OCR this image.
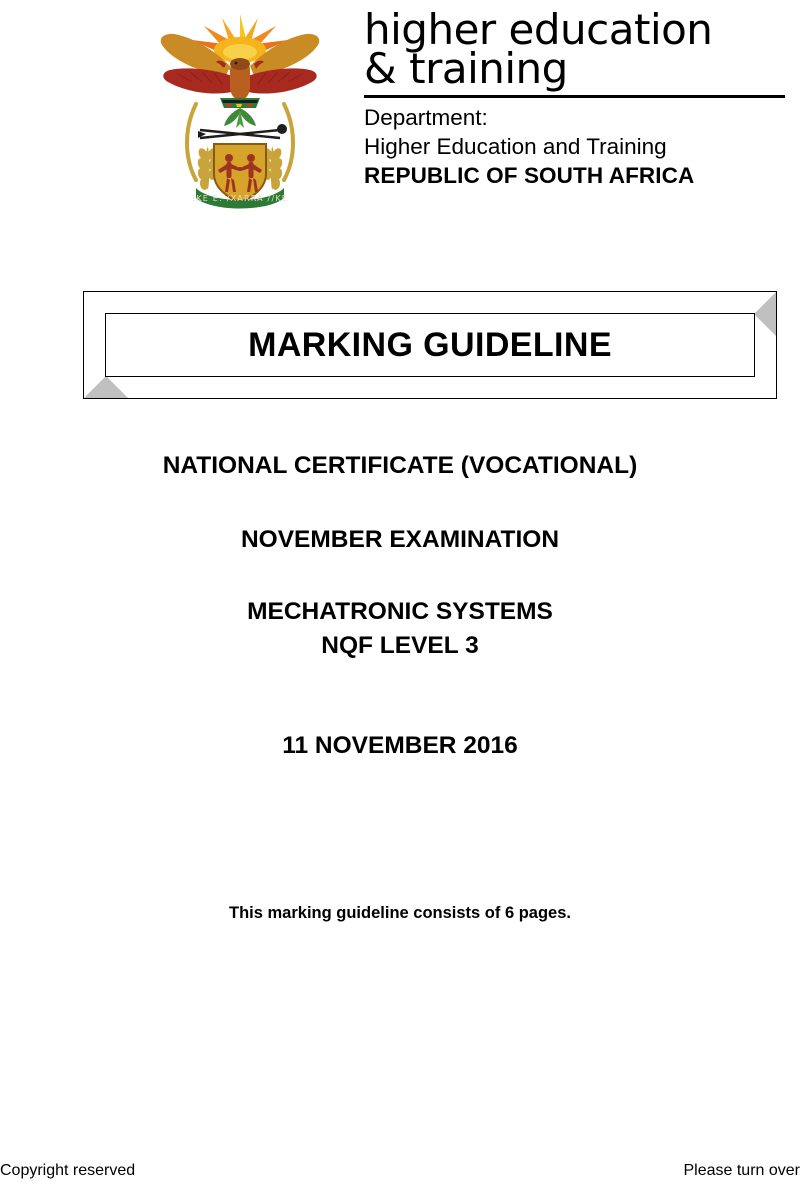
!KE E: /XARRA //KE
higher education
& training
Department:
Higher Education and Training
REPUBLIC OF SOUTH AFRICA
MARKING GUIDELINE
NATIONAL CERTIFICATE (VOCATIONAL)
NOVEMBER EXAMINATION
MECHATRONIC SYSTEMS
NQF LEVEL 3
11 NOVEMBER 2016
This marking guideline consists of 6 pages.
Copyright reserved	Please turn over
